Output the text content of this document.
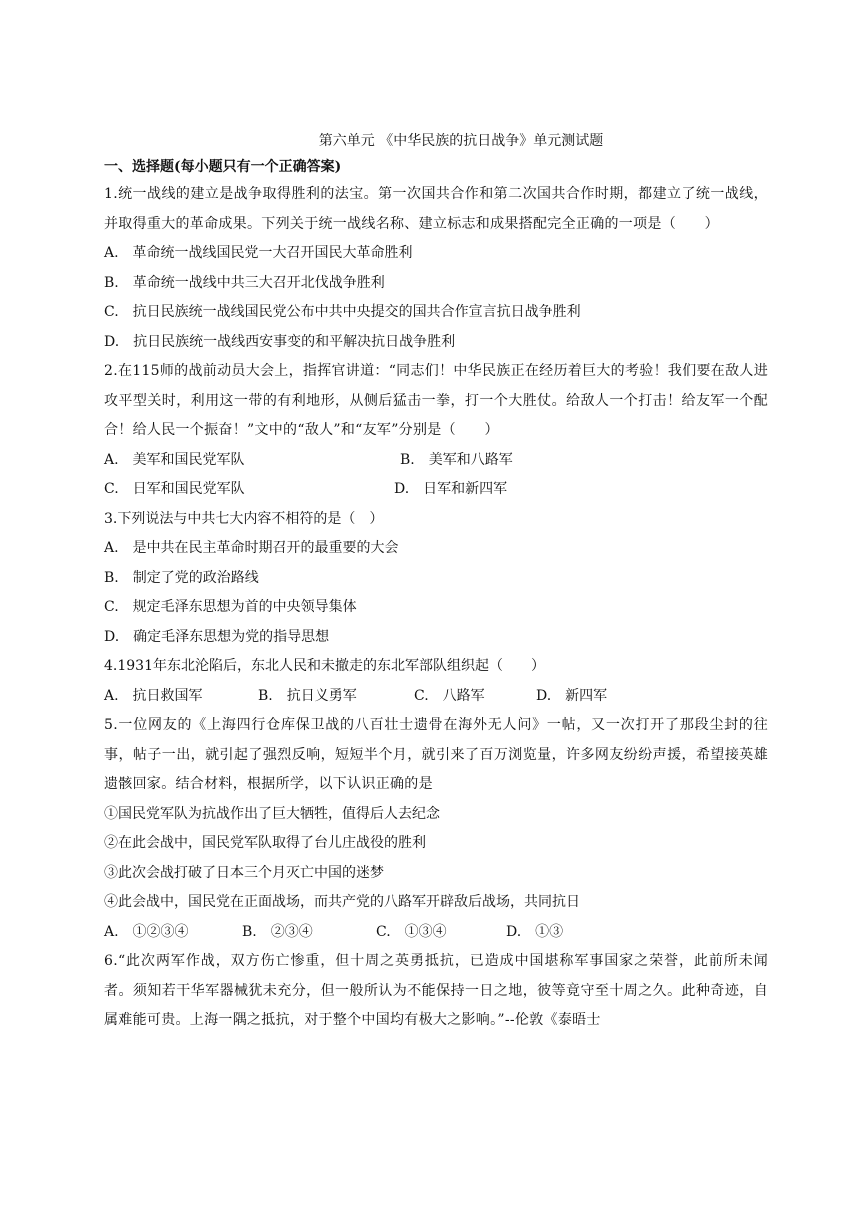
第六单元 《中华民族的抗日战争》单元测试题
一、选择题(每小题只有一个正确答案)
1.统一战线的建立是战争取得胜利的法宝。第一次国共合作和第二次国共合作时期，都建立了统一战线，并取得重大的革命成果。下列关于统一战线名称、建立标志和成果搭配完全正确的一项是（　　）
A.　革命统一战线国民党一大召开国民大革命胜利
B.　革命统一战线中共三大召开北伐战争胜利
C.　抗日民族统一战线国民党公布中共中央提交的国共合作宣言抗日战争胜利
D.　抗日民族统一战线西安事变的和平解决抗日战争胜利
2.在115师的战前动员大会上，指挥官讲道：“同志们！中华民族正在经历着巨大的考验！我们要在敌人进攻平型关时，利用这一带的有利地形，从侧后猛击一拳，打一个大胜仗。给敌人一个打击！给友军一个配合！给人民一个振奋！”文中的“敌人”和“友军”分别是（　　）
A.　美军和国民党军队	B.　美军和八路军
C.　日军和国民党军队	D.　日军和新四军
3.下列说法与中共七大内容不相符的是（　）
A.　是中共在民主革命时期召开的最重要的大会
B.　制定了党的政治路线
C.　规定毛泽东思想为首的中央领导集体
D.　确定毛泽东思想为党的指导思想
4.1931年东北沦陷后，东北人民和未撤走的东北军部队组织起（　　）
A.　抗日救国军	B.　抗日义勇军	C.　八路军	D.　新四军
5.一位网友的《上海四行仓库保卫战的八百壮士遗骨在海外无人问》一帖，又一次打开了那段尘封的往事，帖子一出，就引起了强烈反响，短短半个月，就引来了百万浏览量，许多网友纷纷声援，希望接英雄遗骸回家。结合材料，根据所学，以下认识正确的是
①国民党军队为抗战作出了巨大牺牲，值得后人去纪念
②在此会战中，国民党军队取得了台儿庄战役的胜利
③此次会战打破了日本三个月灭亡中国的迷梦
④此会战中，国民党在正面战场，而共产党的八路军开辟敌后战场，共同抗日
A.　①②③④	B.　②③④	C.　①③④	D.　①③
6.“此次两军作战，双方伤亡惨重，但十周之英勇抵抗，已造成中国堪称军事国家之荣誉，此前所未闻者。须知若干华军器械犹未充分，但一般所认为不能保持一日之地，彼等竟守至十周之久。此种奇迹，自属难能可贵。上海一隅之抵抗，对于整个中国均有极大之影响。”--伦敦《泰晤士
